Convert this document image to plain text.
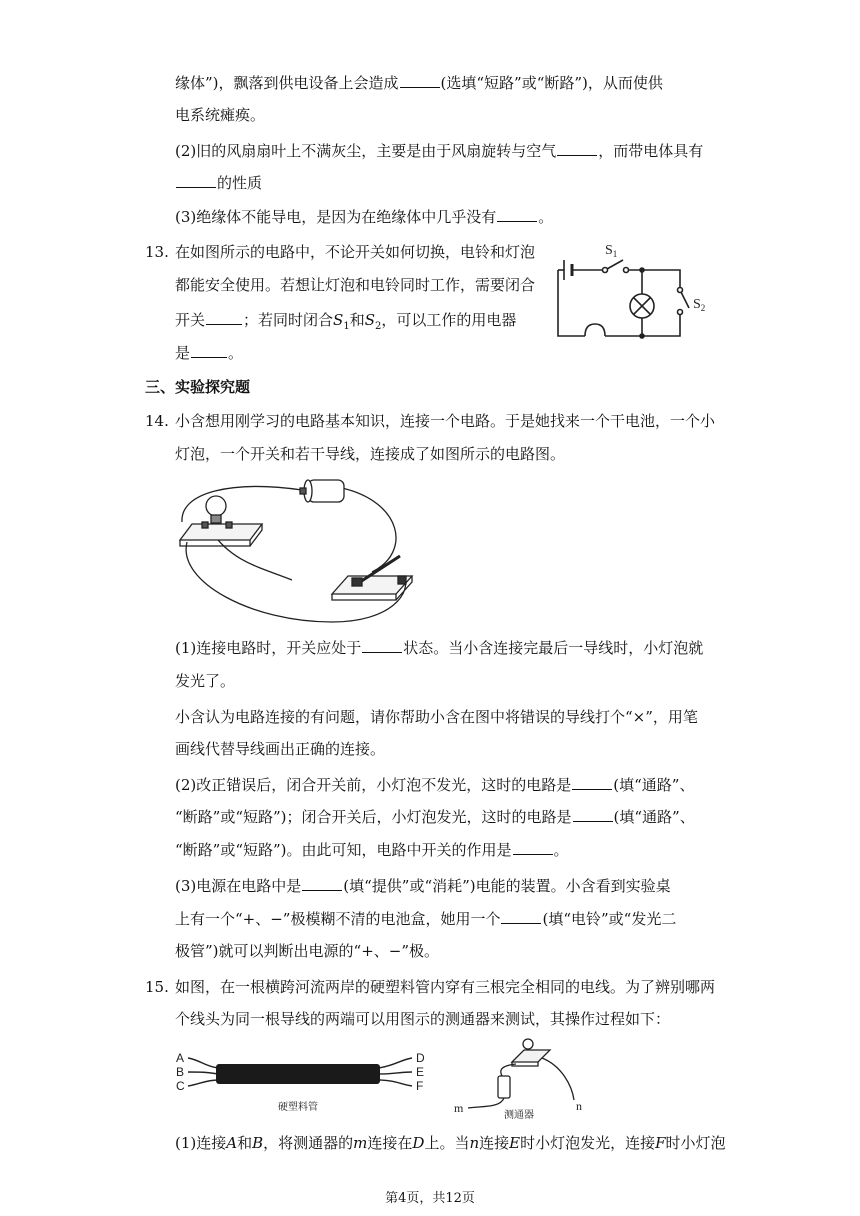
缘体”)，飘落到供电设备上会造成	(选填“短路”或“断路”)，从而使供
电系统瘫痪。
(2)旧的风扇扇叶上不满灰尘，主要是由于风扇旋转与空气	，而带电体具有
的性质
(3)绝缘体不能导电，是因为在绝缘体中几乎没有	。
13. 在如图所示的电路中，不论开关如何切换，电铃和灯泡
都能安全使用。若想让灯泡和电铃同时工作，需要闭合
开关	；若同时闭合$S_1$和$S_2$，可以工作的用电器
是	。
$S_1$
$S_2$
三、实验探究题
14. 小含想用刚学习的电路基本知识，连接一个电路。于是她找来一个干电池，一个小
灯泡，一个开关和若干导线，连接成了如图所示的电路图。
(1)连接电路时，开关应处于	状态。当小含连接完最后一导线时，小灯泡就
发光了。
小含认为电路连接的有问题，请你帮助小含在图中将错误的导线打个“×”，用笔
画线代替导线画出正确的连接。
(2)改正错误后，闭合开关前，小灯泡不发光，这时的电路是	(填“通路”、
“断路”或“短路”)；闭合开关后，小灯泡发光，这时的电路是	(填“通路”、
“断路”或“短路”)。由此可知，电路中开关的作用是	。
(3)电源在电路中是	(填“提供”或“消耗”)电能的装置。小含看到实验桌
上有一个“+、−”极模糊不清的电池盒，她用一个	(填“电铃”或“发光二
极管”)就可以判断出电源的“+、−”极。
15. 如图，在一根横跨河流两岸的硬塑料管内穿有三根完全相同的电线。为了辨别哪两
个线头为同一根导线的两端可以用图示的测通器来测试，其操作过程如下：
A
B
C
D
E
F
硬塑料管	m	n
测通器
(1)连接A和B，将测通器的m连接在D上。当n连接E时小灯泡发光，连接F时小灯泡
第4页，共12页
